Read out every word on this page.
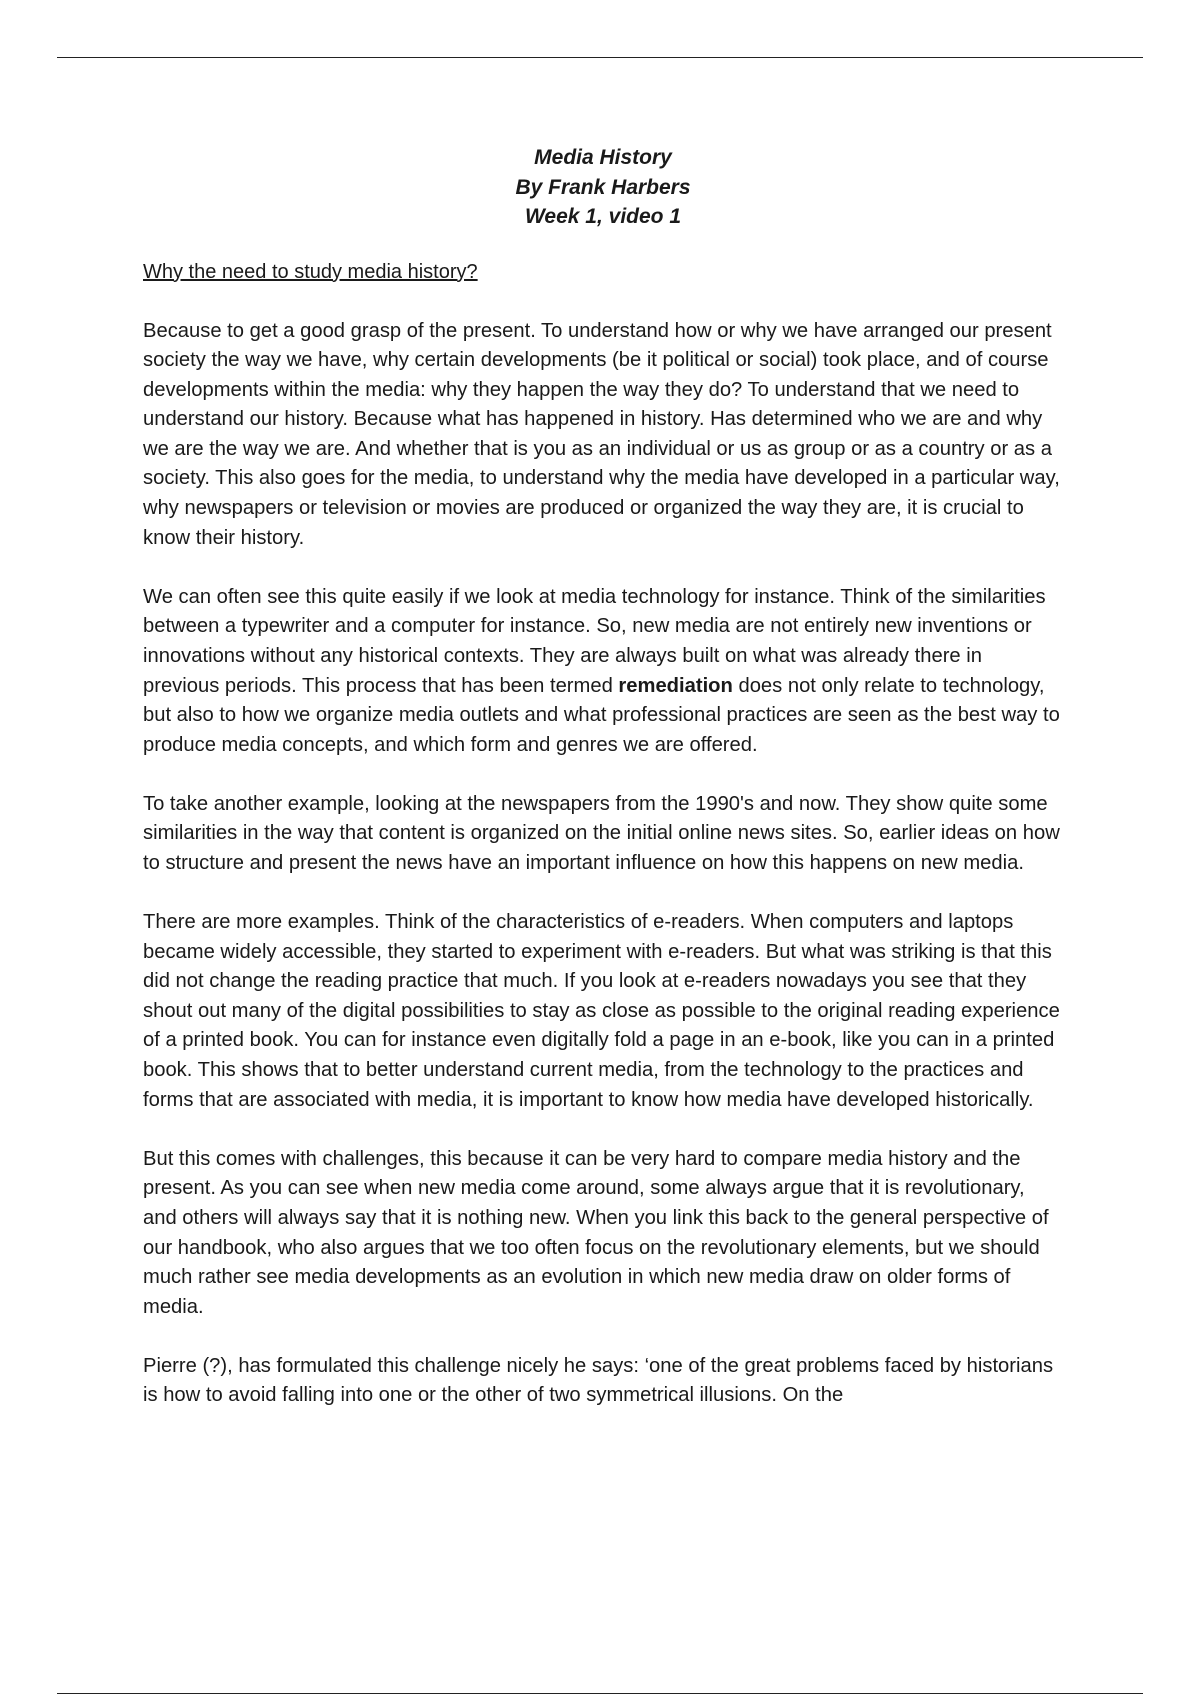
Media History
By Frank Harbers
Week 1, video 1
Why the need to study media history?

Because to get a good grasp of the present. To understand how or why we have arranged our present society the way we have, why certain developments (be it political or social) took place, and of course developments within the media: why they happen the way they do? To understand that we need to understand our history. Because what has happened in history. Has determined who we are and why we are the way we are. And whether that is you as an individual or us as group or as a country or as a society. This also goes for the media, to understand why the media have developed in a particular way, why newspapers or television or movies are produced or organized the way they are, it is crucial to know their history.

We can often see this quite easily if we look at media technology for instance. Think of the similarities between a typewriter and a computer for instance. So, new media are not entirely new inventions or innovations without any historical contexts. They are always built on what was already there in previous periods. This process that has been termed remediation does not only relate to technology, but also to how we organize media outlets and what professional practices are seen as the best way to produce media concepts, and which form and genres we are offered.

To take another example, looking at the newspapers from the 1990's and now. They show quite some similarities in the way that content is organized on the initial online news sites. So, earlier ideas on how to structure and present the news have an important influence on how this happens on new media.

There are more examples. Think of the characteristics of e-readers. When computers and laptops became widely accessible, they started to experiment with e-readers. But what was striking is that this did not change the reading practice that much. If you look at e-readers nowadays you see that they shout out many of the digital possibilities to stay as close as possible to the original reading experience of a printed book. You can for instance even digitally fold a page in an e-book, like you can in a printed book. This shows that to better understand current media, from the technology to the practices and forms that are associated with media, it is important to know how media have developed historically.

But this comes with challenges, this because it can be very hard to compare media history and the present. As you can see when new media come around, some always argue that it is revolutionary, and others will always say that it is nothing new. When you link this back to the general perspective of our handbook, who also argues that we too often focus on the revolutionary elements, but we should much rather see media developments as an evolution in which new media draw on older forms of media.

Pierre (?), has formulated this challenge nicely he says: ‘one of the great problems faced by historians is how to avoid falling into one or the other of two symmetrical illusions. On the
